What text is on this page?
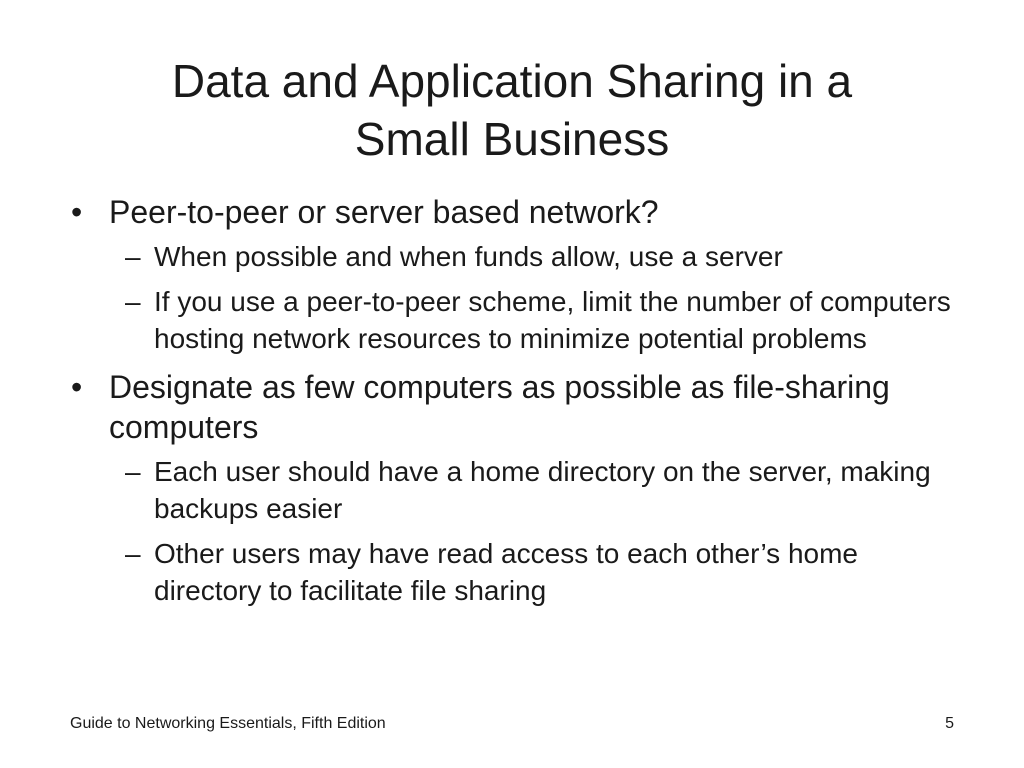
Data and Application Sharing in a
Small Business
• Peer-to-peer or server based network?
– When possible and when funds allow, use a server
– If you use a peer-to-peer scheme, limit the number of computers hosting network resources to minimize potential problems
• Designate as few computers as possible as file-sharing computers
– Each user should have a home directory on the server, making backups easier
– Other users may have read access to each other’s home directory to facilitate file sharing
Guide to Networking Essentials, Fifth Edition	5
